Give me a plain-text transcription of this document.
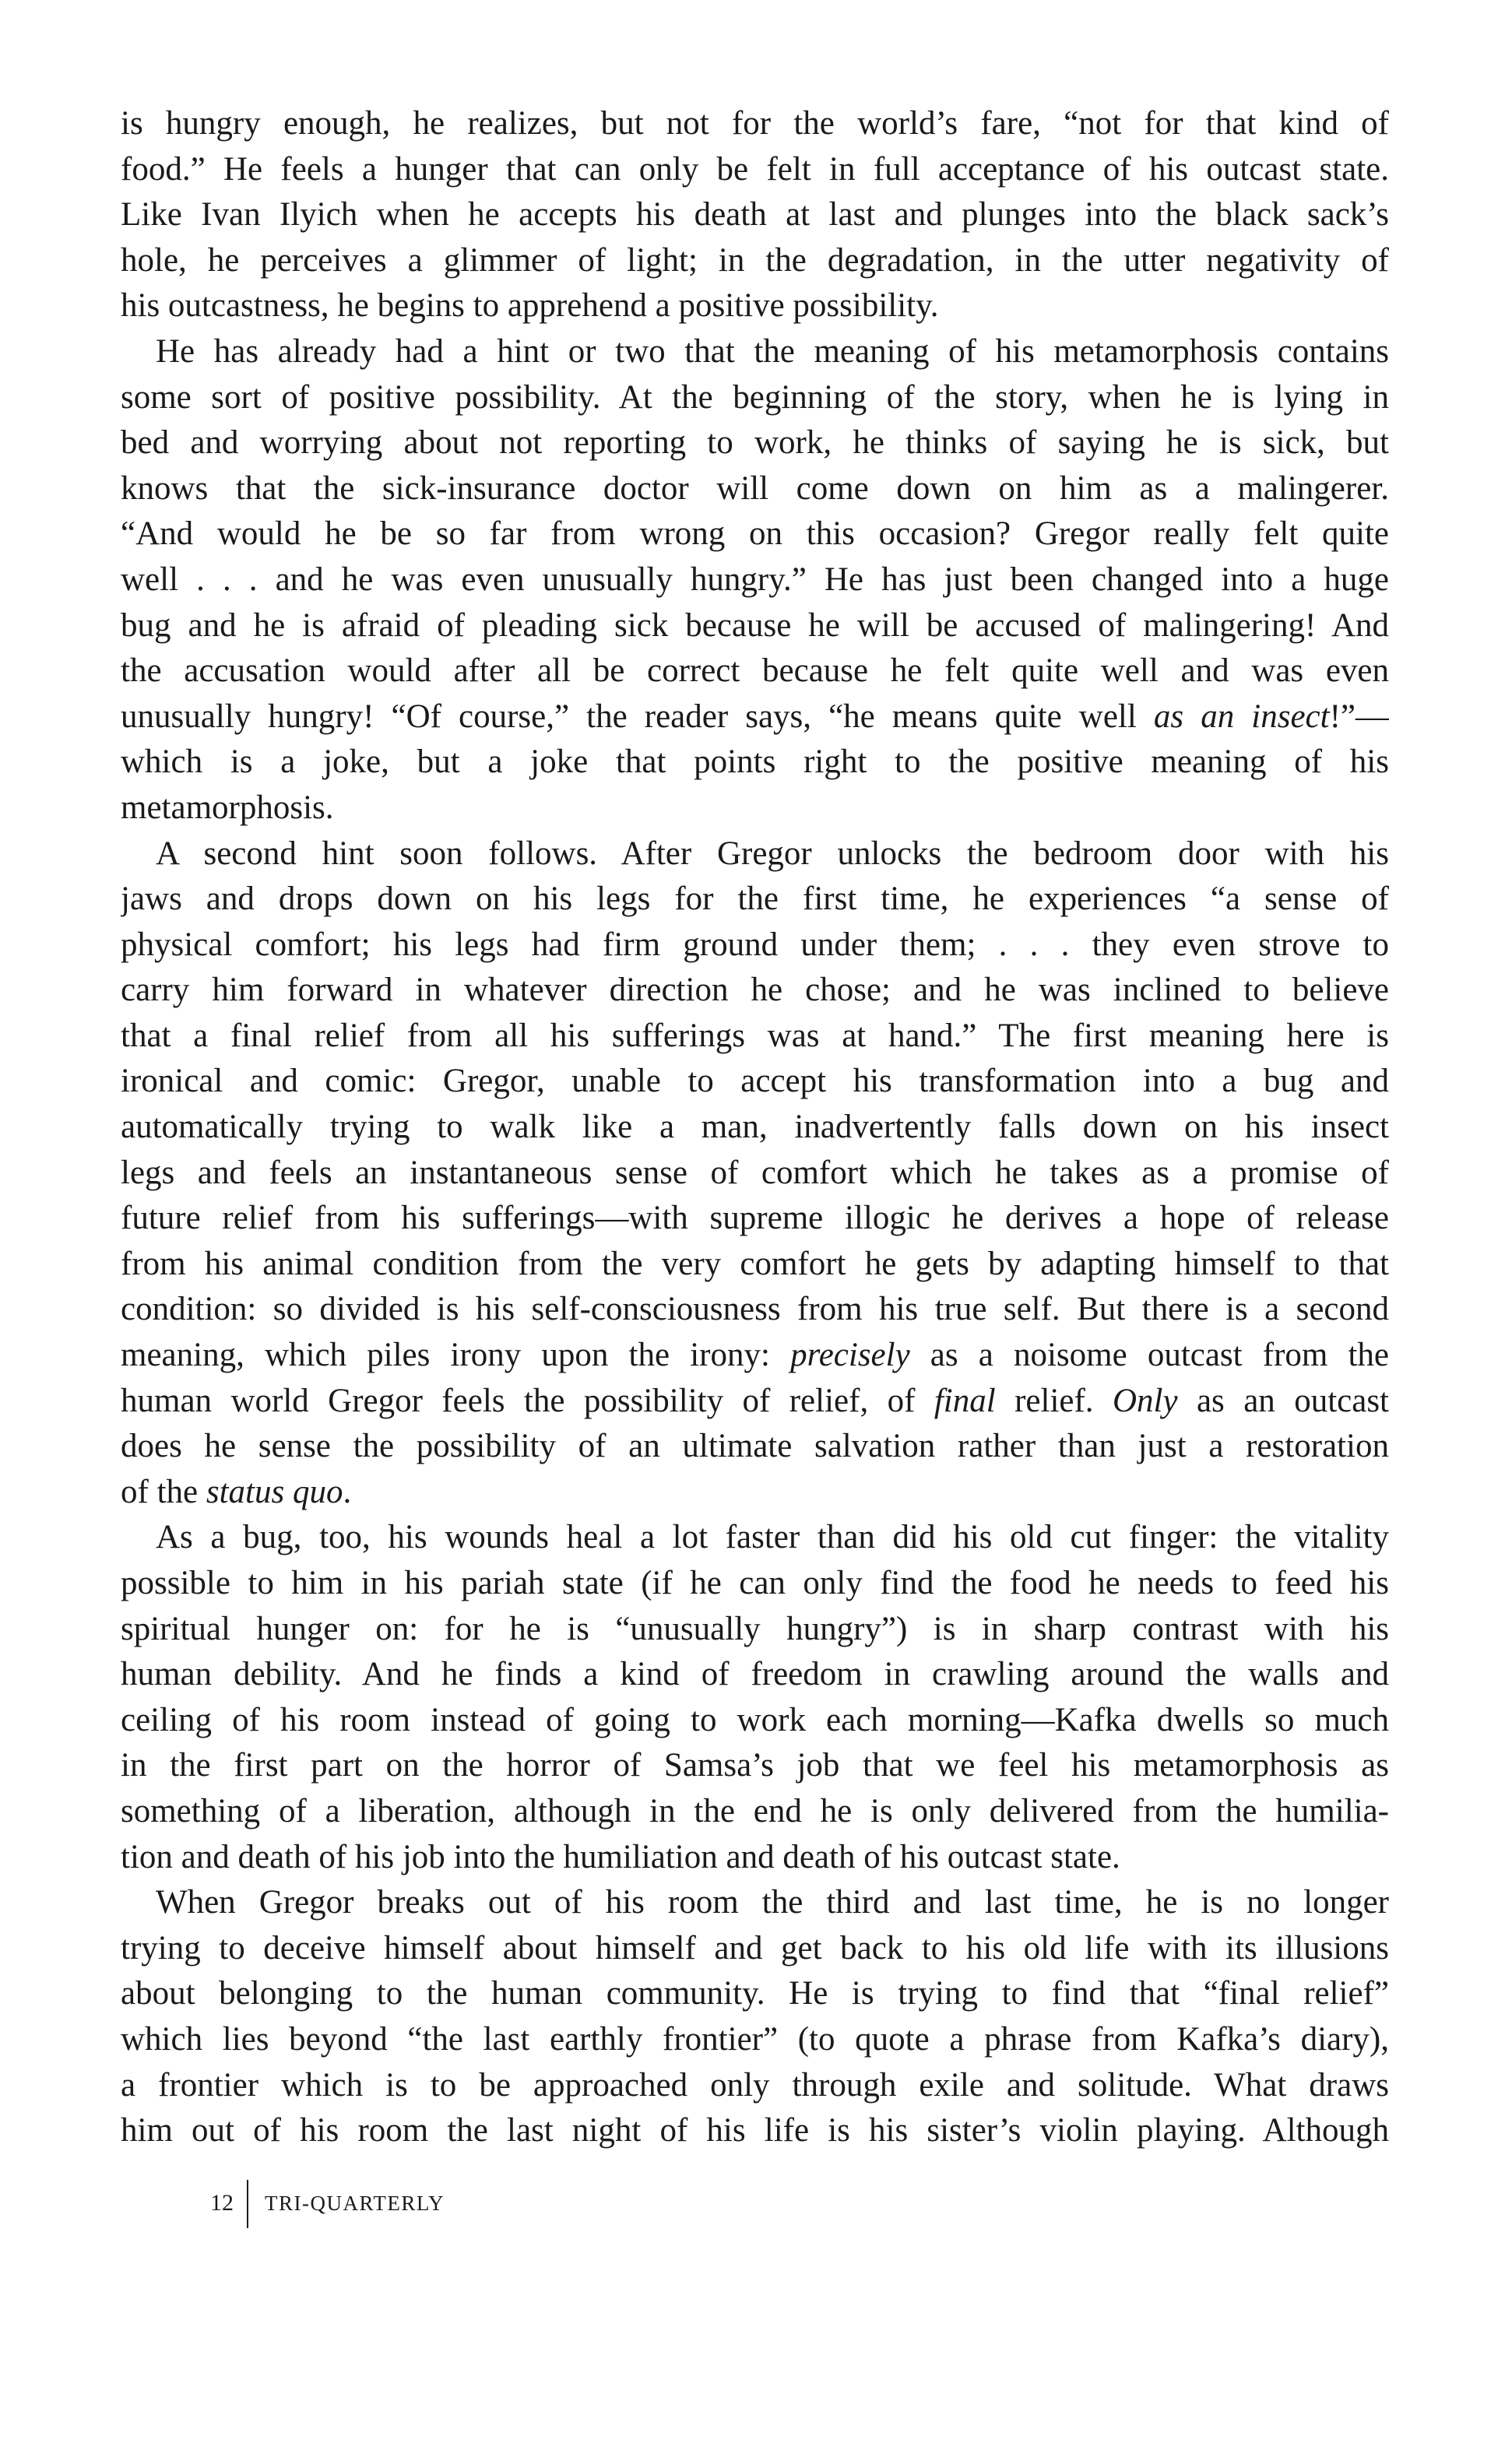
is hungry enough, he realizes, but not for the world’s fare, “not for that kind of
food.” He feels a hunger that can only be felt in full acceptance of his outcast state.
Like Ivan Ilyich when he accepts his death at last and plunges into the black sack’s
hole, he perceives a glimmer of light; in the degradation, in the utter negativity of
his outcastness, he begins to apprehend a positive possibility.
He has already had a hint or two that the meaning of his metamorphosis contains
some sort of positive possibility. At the beginning of the story, when he is lying in
bed and worrying about not reporting to work, he thinks of saying he is sick, but
knows that the sick-insurance doctor will come down on him as a malingerer.
“And would he be so far from wrong on this occasion? Gregor really felt quite
well . . . and he was even unusually hungry.” He has just been changed into a huge
bug and he is afraid of pleading sick because he will be accused of malingering! And
the accusation would after all be correct because he felt quite well and was even
unusually hungry! “Of course,” the reader says, “he means quite well as an insect!”—
which is a joke, but a joke that points right to the positive meaning of his
metamorphosis.
A second hint soon follows. After Gregor unlocks the bedroom door with his
jaws and drops down on his legs for the first time, he experiences “a sense of
physical comfort; his legs had firm ground under them; . . . they even strove to
carry him forward in whatever direction he chose; and he was inclined to believe
that a final relief from all his sufferings was at hand.” The first meaning here is
ironical and comic: Gregor, unable to accept his transformation into a bug and
automatically trying to walk like a man, inadvertently falls down on his insect
legs and feels an instantaneous sense of comfort which he takes as a promise of
future relief from his sufferings—with supreme illogic he derives a hope of release
from his animal condition from the very comfort he gets by adapting himself to that
condition: so divided is his self-consciousness from his true self. But there is a second
meaning, which piles irony upon the irony: precisely as a noisome outcast from the
human world Gregor feels the possibility of relief, of final relief. Only as an outcast
does he sense the possibility of an ultimate salvation rather than just a restoration
of the status quo.
As a bug, too, his wounds heal a lot faster than did his old cut finger: the vitality
possible to him in his pariah state (if he can only find the food he needs to feed his
spiritual hunger on: for he is “unusually hungry”) is in sharp contrast with his
human debility. And he finds a kind of freedom in crawling around the walls and
ceiling of his room instead of going to work each morning—Kafka dwells so much
in the first part on the horror of Samsa’s job that we feel his metamorphosis as
something of a liberation, although in the end he is only delivered from the humilia-
tion and death of his job into the humiliation and death of his outcast state.
When Gregor breaks out of his room the third and last time, he is no longer
trying to deceive himself about himself and get back to his old life with its illusions
about belonging to the human community. He is trying to find that “final relief”
which lies beyond “the last earthly frontier” (to quote a phrase from Kafka’s diary),
a frontier which is to be approached only through exile and solitude. What draws
him out of his room the last night of his life is his sister’s violin playing. Although
12 TRI-QUARTERLY
